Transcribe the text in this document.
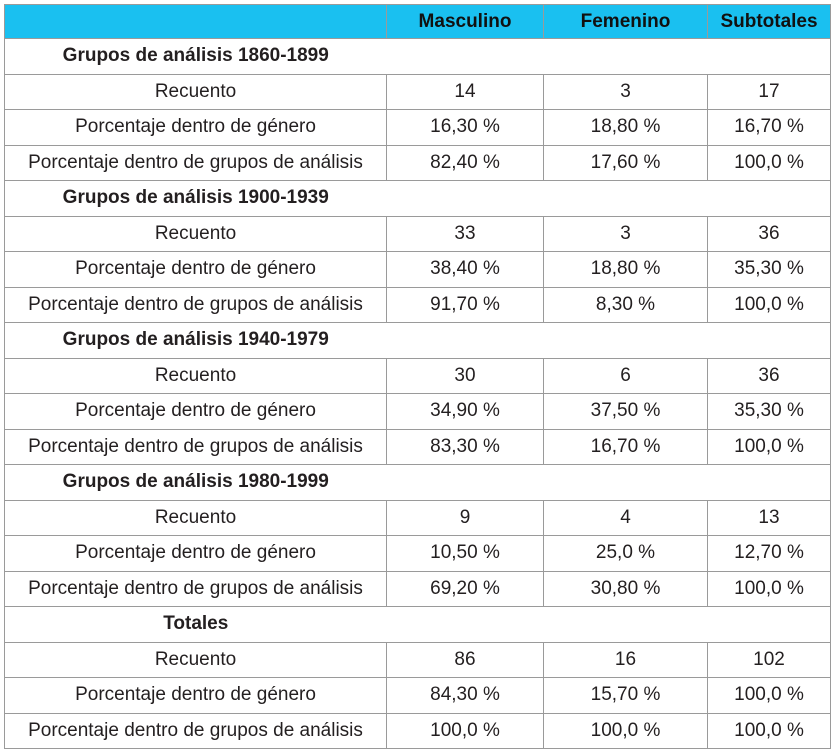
	Masculino	Femenino	Subtotales
Grupos de análisis 1860-1899			
Recuento	14	3	17
Porcentaje dentro de género	16,30 %	18,80 %	16,70 %
Porcentaje dentro de grupos de análisis	82,40 %	17,60 %	100,0 %
Grupos de análisis 1900-1939			
Recuento	33	3	36
Porcentaje dentro de género	38,40 %	18,80 %	35,30 %
Porcentaje dentro de grupos de análisis	91,70 %	8,30 %	100,0 %
Grupos de análisis 1940-1979			
Recuento	30	6	36
Porcentaje dentro de género	34,90 %	37,50 %	35,30 %
Porcentaje dentro de grupos de análisis	83,30 %	16,70 %	100,0 %
Grupos de análisis 1980-1999			
Recuento	9	4	13
Porcentaje dentro de género	10,50 %	25,0 %	12,70 %
Porcentaje dentro de grupos de análisis	69,20 %	30,80 %	100,0 %
Totales			
Recuento	86	16	102
Porcentaje dentro de género	84,30 %	15,70 %	100,0 %
Porcentaje dentro de grupos de análisis	100,0 %	100,0 %	100,0 %
